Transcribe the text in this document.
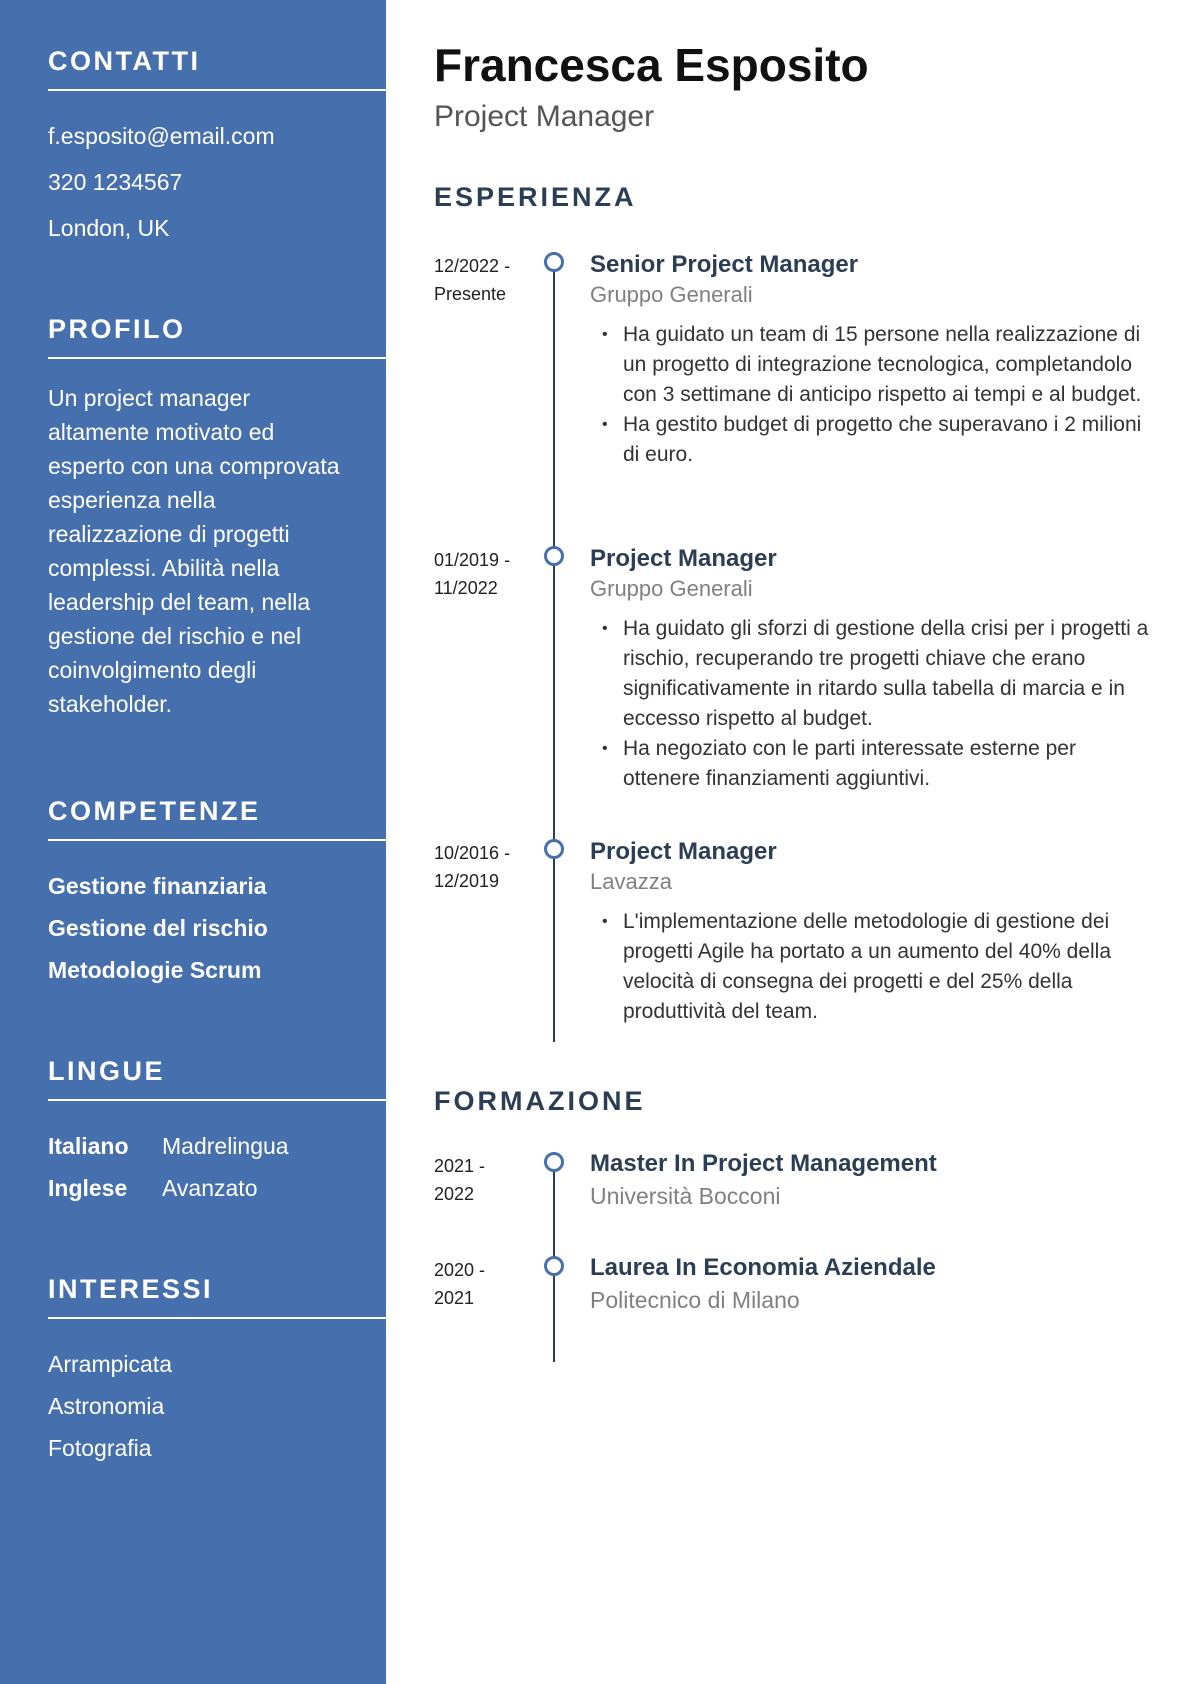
CONTATTI
f.esposito@email.com
320 1234567
London, UK
PROFILO
Un project manager altamente motivato ed esperto con una comprovata esperienza nella realizzazione di progetti complessi. Abilità nella leadership del team, nella gestione del rischio e nel coinvolgimento degli stakeholder.
COMPETENZE
Gestione finanziaria
Gestione del rischio
Metodologie Scrum
LINGUE
Italiano	Madrelingua
Inglese	Avanzato
INTERESSI
Arrampicata
Astronomia
Fotografia
Francesca Esposito
Project Manager
ESPERIENZA
12/2022 -
Presente
Senior Project Manager
Gruppo Generali
• Ha guidato un team di 15 persone nella realizzazione di un progetto di integrazione tecnologica, completandolo con 3 settimane di anticipo rispetto ai tempi e al budget.
• Ha gestito budget di progetto che superavano i 2 milioni di euro.
01/2019 -
11/2022
Project Manager
Gruppo Generali
• Ha guidato gli sforzi di gestione della crisi per i progetti a rischio, recuperando tre progetti chiave che erano significativamente in ritardo sulla tabella di marcia e in eccesso rispetto al budget.
• Ha negoziato con le parti interessate esterne per ottenere finanziamenti aggiuntivi.
10/2016 -
12/2019
Project Manager
Lavazza
• L'implementazione delle metodologie di gestione dei progetti Agile ha portato a un aumento del 40% della velocità di consegna dei progetti e del 25% della produttività del team.
FORMAZIONE
2021 -
2022
Master In Project Management
Università Bocconi
2020 -
2021
Laurea In Economia Aziendale
Politecnico di Milano
